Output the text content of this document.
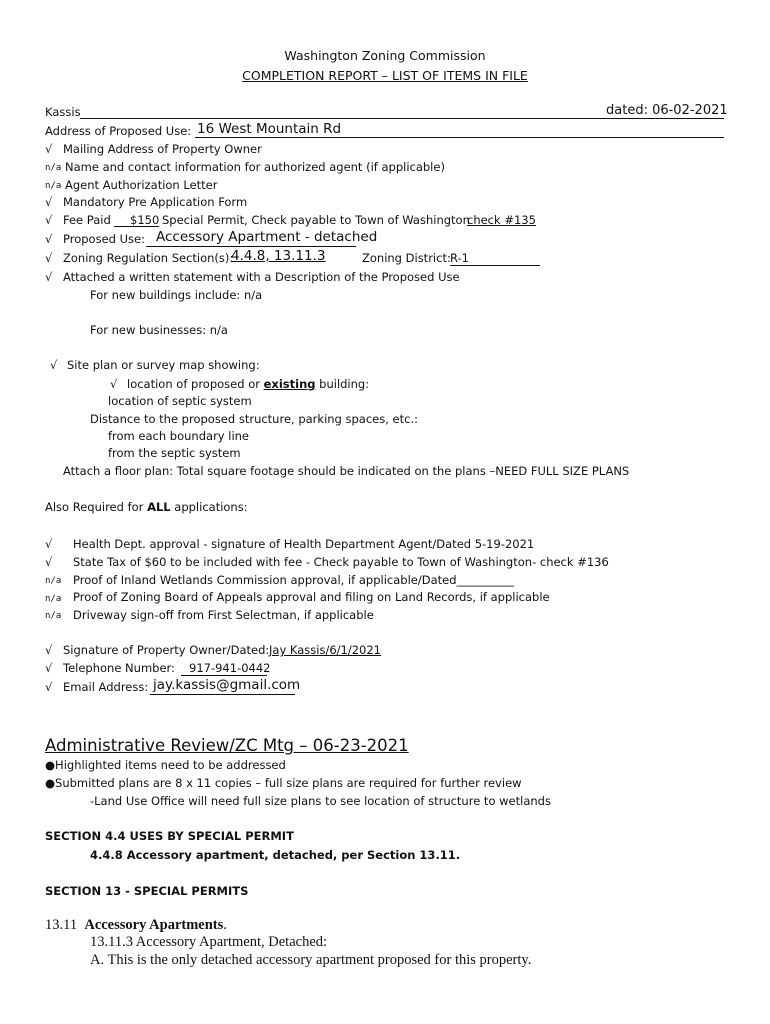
Washington Zoning Commission
COMPLETION REPORT – LIST OF ITEMS IN FILE
Kassis	dated: 06-02-2021
Address of Proposed Use: 16 West Mountain Rd
√ Mailing Address of Property Owner
n/a Name and contact information for authorized agent (if applicable)
n/a Agent Authorization Letter
√ Mandatory Pre Application Form
√ Fee Paid $150 Special Permit, Check payable to Town of Washington
check #135
√ Proposed Use: Accessory Apartment - detached
√ Zoning Regulation Section(s):
4.4.8, 13.11.3	Zoning District: R-1
√ Attached a written statement with a Description of the Proposed Use
For new buildings include: n/a
For new businesses: n/a
√ Site plan or survey map showing:
√ location of proposed or existing building:
location of septic system
Distance to the proposed structure, parking spaces, etc.:
from each boundary line
from the septic system
Attach a floor plan: Total square footage should be indicated on the plans –NEED FULL SIZE PLANS
Also Required for ALL applications:
√ Health Dept. approval - signature of Health Department Agent/Dated 5-19-2021
√ State Tax of $60 to be included with fee - Check payable to Town of Washington- check #136
n/a Proof of Inland Wetlands Commission approval, if applicable/Dated__________
n/a Proof of Zoning Board of Appeals approval and filing on Land Records, if applicable
n/a Driveway sign-off from First Selectman, if applicable
√ Signature of Property Owner/Dated: Jay Kassis/6/1/2021
√ Telephone Number: 917-941-0442
√ Email Address: jay.kassis@gmail.com
Administrative Review/ZC Mtg – 06-23-2021
●Highlighted items need to be addressed
●Submitted plans are 8 x 11 copies – full size plans are required for further review
-Land Use Office will need full size plans to see location of structure to wetlands
SECTION 4.4 USES BY SPECIAL PERMIT
4.4.8 Accessory apartment, detached, per Section 13.11.
SECTION 13 - SPECIAL PERMITS
13.11 Accessory Apartments.
13.11.3 Accessory Apartment, Detached:
A. This is the only detached accessory apartment proposed for this property.
